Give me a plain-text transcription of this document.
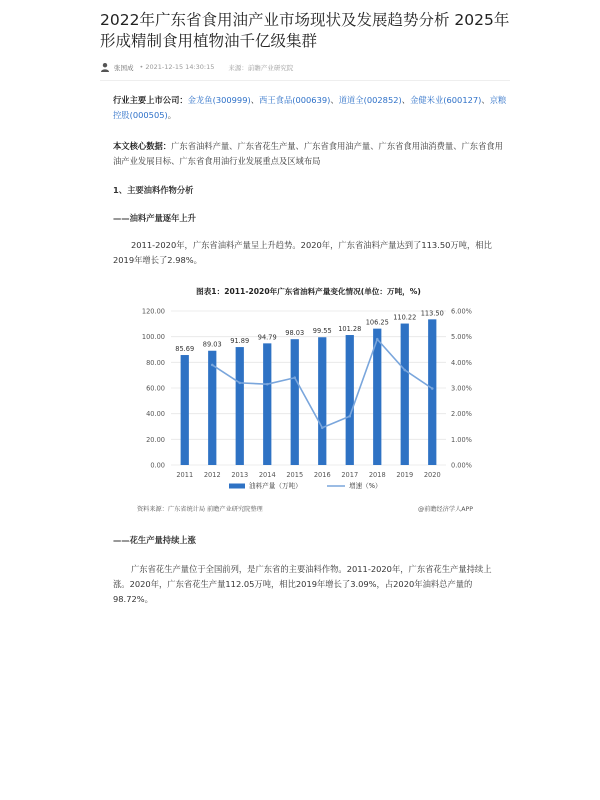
2022年广东省食用油产业市场现状及发展趋势分析 2025年形成精制食用植物油千亿级集群
张国成 • 2021-12-15 14:30:15 来源：前瞻产业研究院

行业主要上市公司：金龙鱼(300999)、西王食品(000639)、道道全(002852)、金健米业(600127)、京粮控股(000505)。

本文核心数据：广东省油料产量、广东省花生产量、广东省食用油产量、广东省食用油消费量、广东省食用油产业发展目标、广东省食用油行业发展重点及区域布局

1、主要油料作物分析

——油料产量逐年上升

2011-2020年，广东省油料产量呈上升趋势。2020年，广东省油料产量达到了113.50万吨，相比2019年增长了2.98%。

图表1：2011-2020年广东省油料产量变化情况(单位：万吨，%)
0.00
20.00
40.00
60.00
80.00
100.00
120.00
0.00%
1.00%
2.00%
3.00%
4.00%
5.00%
6.00%
85.69
2011
89.03
2012
91.89
2013
94.79
2014
98.03
2015
99.55
2016
101.28
2017
106.25
2018
110.22
2019
113.50
2020
油料产量（万吨）	增速（%）
资料来源：广东省统计局 前瞻产业研究院整理	@前瞻经济学人APP

——花生产量持续上涨

广东省花生产量位于全国前列，是广东省的主要油料作物。2011-2020年，广东省花生产量持续上涨。2020年，广东省花生产量112.05万吨，相比2019年增长了3.09%，占2020年油料总产量的98.72%。
